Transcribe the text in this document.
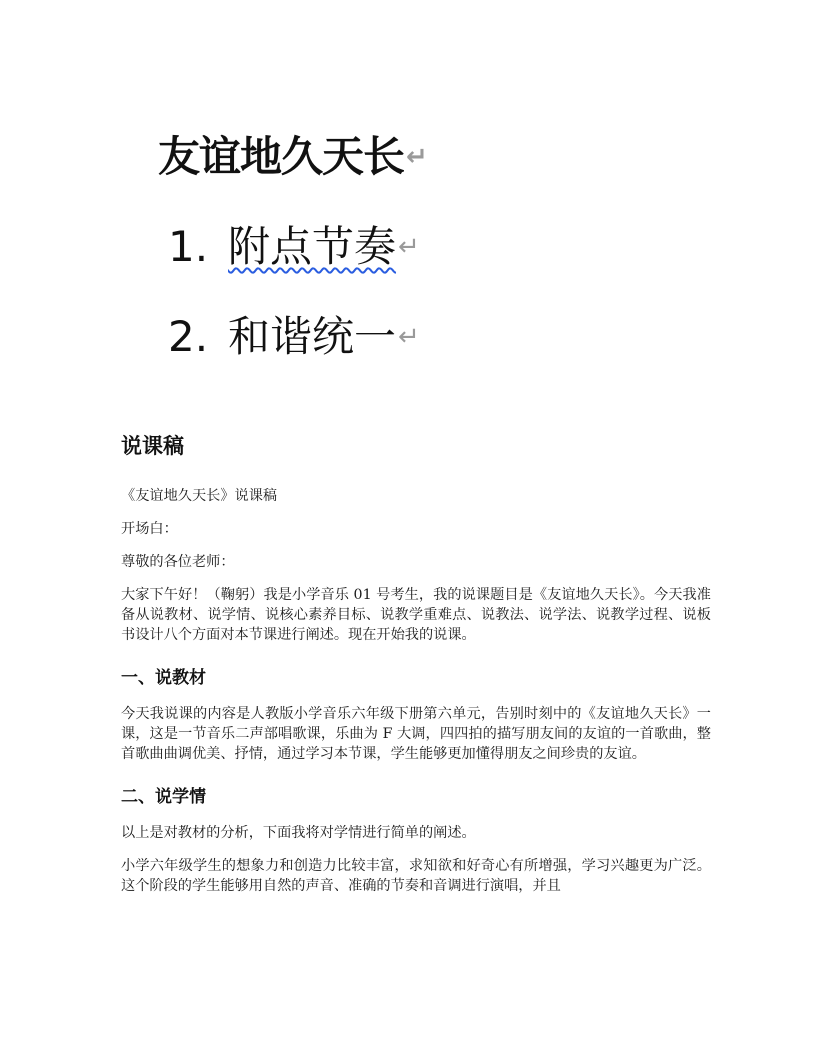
友谊地久天长↵
1. 附点节奏↵
2. 和谐统一↵
说课稿

《友谊地久天长》说课稿

开场白：

尊敬的各位老师：

大家下午好！（鞠躬）我是小学音乐 01 号考生，我的说课题目是《友谊地久天长》。今天我准备从说教材、说学情、说核心素养目标、说教学重难点、说教法、说学法、说教学过程、说板书设计八个方面对本节课进行阐述。现在开始我的说课。

一、说教材

今天我说课的内容是人教版小学音乐六年级下册第六单元，告别时刻中的《友谊地久天长》一课，这是一节音乐二声部唱歌课，乐曲为 F 大调，四四拍的描写朋友间的友谊的一首歌曲，整首歌曲曲调优美、抒情，通过学习本节课，学生能够更加懂得朋友之间珍贵的友谊。

二、说学情

以上是对教材的分析，下面我将对学情进行简单的阐述。

小学六年级学生的想象力和创造力比较丰富，求知欲和好奇心有所增强，学习兴趣更为广泛。这个阶段的学生能够用自然的声音、准确的节奏和音调进行演唱，并且
